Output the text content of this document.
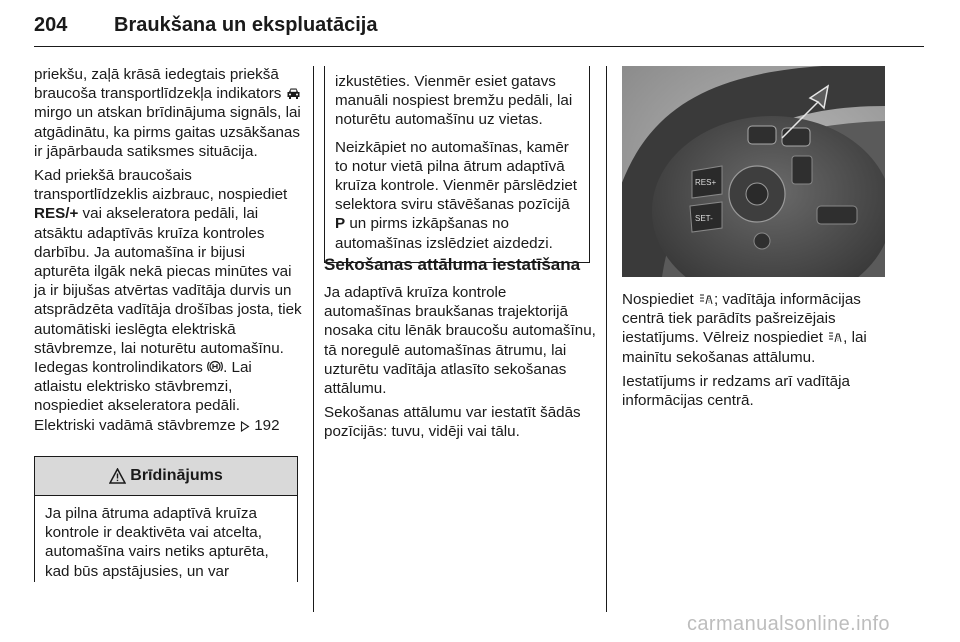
204 Braukšana un ekspluatācija

priekšu, zaļā krāsā iedegtais priekšā braucoša transportlīdzekļa indikators
mirgo un atskan brīdinājuma signāls, lai atgādinātu, ka pirms gaitas uzsākšanas ir jāpārbauda satiksmes situācija.

Kad priekšā braucošais transportlīdzeklis aizbrauc, nospiediet RES/+ vai akseleratora pedāli, lai atsāktu adaptīvās kruīza kontroles darbību. Ja automašīna ir bijusi apturēta ilgāk nekā piecas minūtes vai ja ir bijušas atvērtas vadītāja durvis un atsprādzēta vadītāja drošības josta, tiek automātiski ieslēgta elektriskā stāvbremze, lai noturētu automašīnu. Iedegas kontrolindikators
. Lai atlaistu elektrisko stāvbremzi, nospiediet akseleratora pedāli. Elektriski vadāmā stāvbremze
192

Brīdinājums
Ja pilna ātruma adaptīvā kruīza kontrole ir deaktivēta vai atcelta, automašīna vairs netiks apturēta, kad būs apstājusies, un var

izkustēties. Vienmēr esiet gatavs manuāli nospiest bremžu pedāli, lai noturētu automašīnu uz vietas.

Neizkāpiet no automašīnas, kamēr to notur vietā pilna ātrum adaptīvā kruīza kontrole. Vienmēr pārslēdziet selektora sviru stāvēšanas pozīcijā P un pirms izkāpšanas no automašīnas izslēdziet aizdedzi.

Sekošanas attāluma iestatīšana

Ja adaptīvā kruīza kontrole automašīnas braukšanas trajektorijā nosaka citu lēnāk braucošu automašīnu, tā noregulē automašīnas ātrumu, lai uzturētu vadītāja atlasīto sekošanas attālumu.

Sekošanas attālumu var iestatīt šādās pozīcijās: tuvu, vidēji vai tālu.

RES+
SET-

Nospiediet
; vadītāja informācijas centrā tiek parādīts pašreizējais iestatījums. Vēlreiz nospiediet
, lai mainītu sekošanas attālumu.

Iestatījums ir redzams arī vadītāja informācijas centrā.

carmanualsonline.info
